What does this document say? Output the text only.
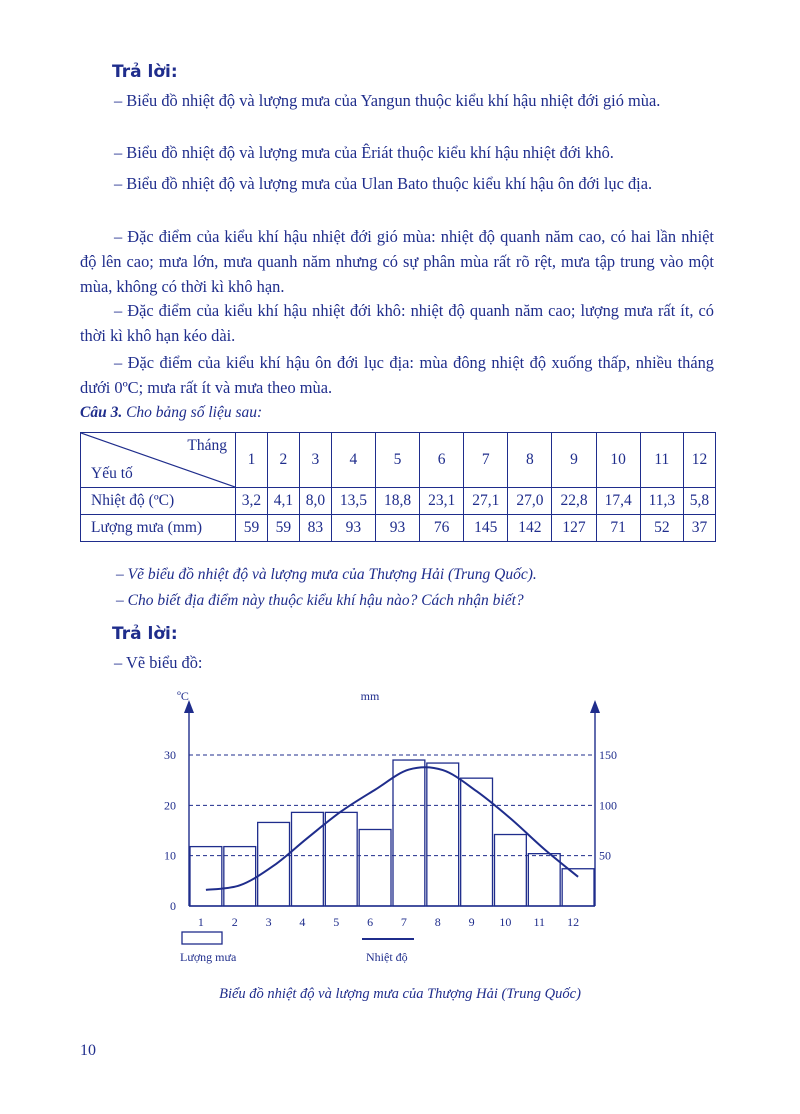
Trả lời:
– Biểu đồ nhiệt độ và lượng mưa của Yangun thuộc kiểu khí hậu nhiệt đới gió mùa.
– Biểu đồ nhiệt độ và lượng mưa của Êriát thuộc kiểu khí hậu nhiệt đới khô.
– Biểu đồ nhiệt độ và lượng mưa của Ulan Bato thuộc kiểu khí hậu ôn đới lục địa.
– Đặc điểm của kiểu khí hậu nhiệt đới gió mùa: nhiệt độ quanh năm cao, có hai lần nhiệt độ lên cao; mưa lớn, mưa quanh năm nhưng có sự phân mùa rất rõ rệt, mưa tập trung vào một mùa, không có thời kì khô hạn.
– Đặc điểm của kiểu khí hậu nhiệt đới khô: nhiệt độ quanh năm cao; lượng mưa rất ít, có thời kì khô hạn kéo dài.
– Đặc điểm của kiểu khí hậu ôn đới lục địa: mùa đông nhiệt độ xuống thấp, nhiều tháng dưới 0ºC; mưa rất ít và mưa theo mùa.
Câu 3. Cho bảng số liệu sau:
Tháng
Yếu tố	1	2	3	4	5	6	7	8	9	10	11	12
Nhiệt độ (ºC)	3,2	4,1	8,0	13,5	18,8	23,1	27,1	27,0	22,8	17,4	11,3	5,8
Lượng mưa (mm)	59	59	83	93	93	76	145	142	127	71	52	37
– Vẽ biểu đồ nhiệt độ và lượng mưa của Thượng Hải (Trung Quốc).
– Cho biết địa điểm này thuộc kiểu khí hậu nào? Cách nhận biết?
Trả lời:
– Vẽ biểu đồ:
ºC	mm
0
10
20
30
50
100
150
1 2 3 4 5 6 7 8 9 10 11 12
Lượng mưa	Nhiệt độ
Biểu đồ nhiệt độ và lượng mưa của Thượng Hải (Trung Quốc)
10
